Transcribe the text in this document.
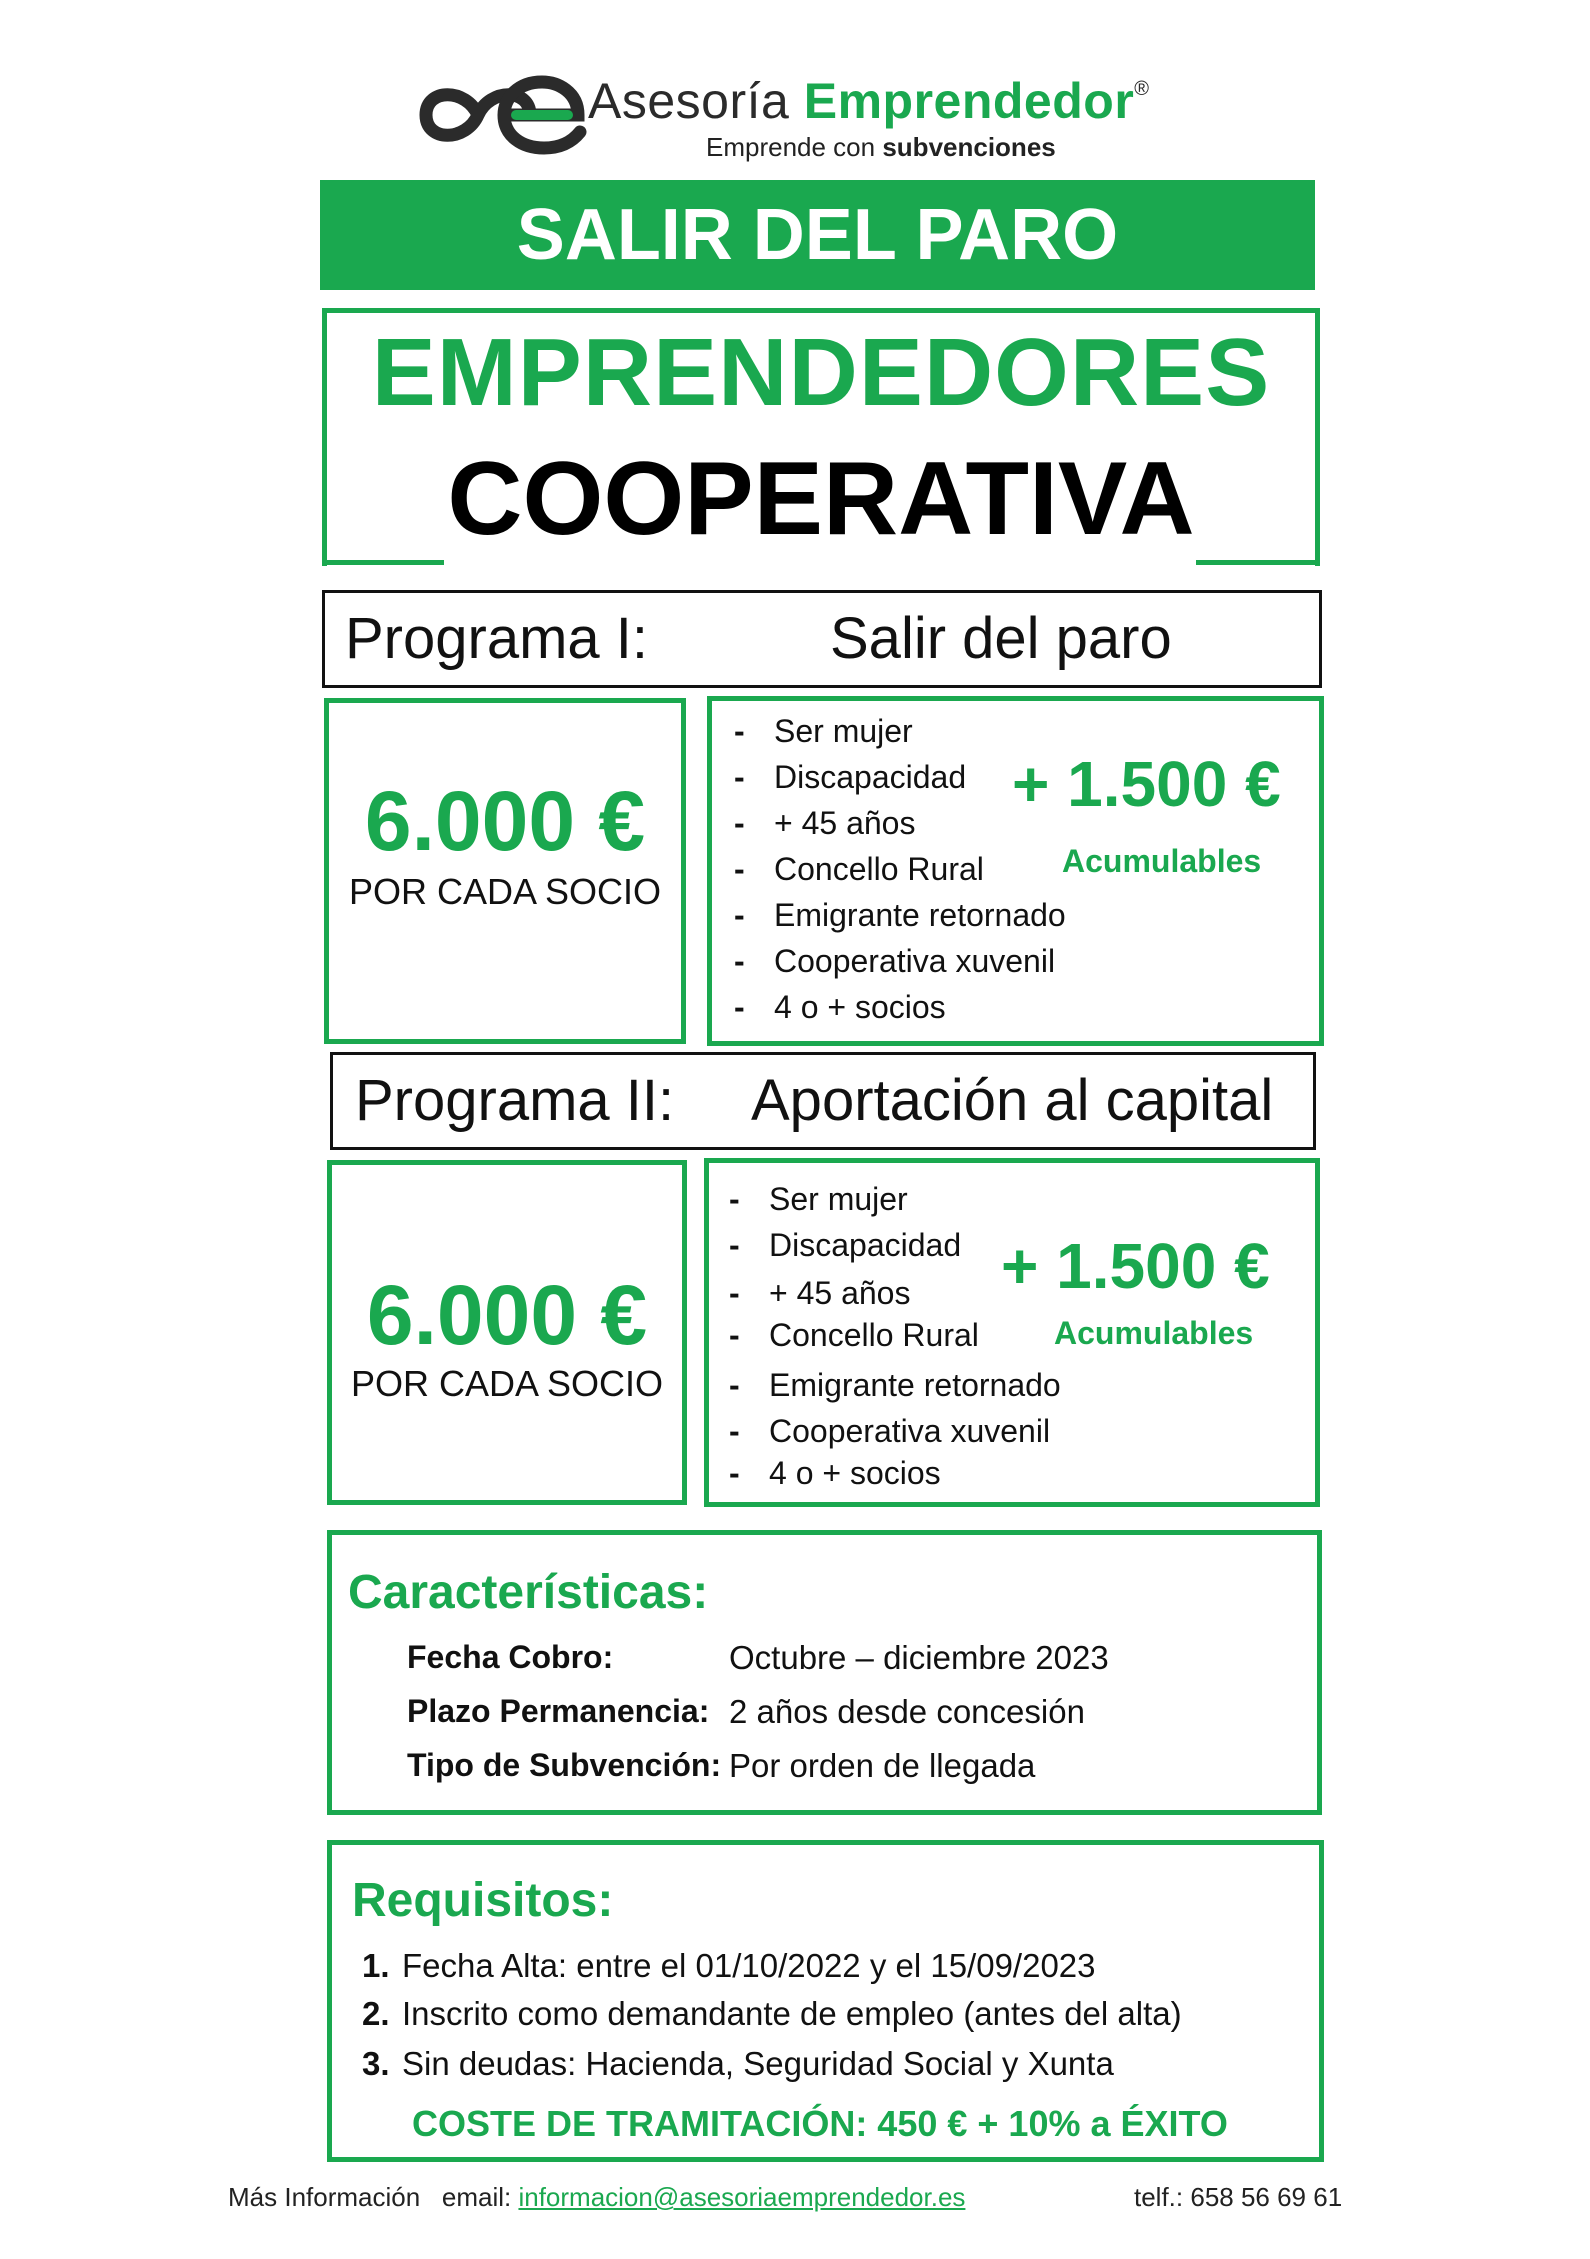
Asesoría Emprendedor®
Emprende con subvenciones
SALIR DEL PARO
EMPRENDEDORES
COOPERATIVA
Programa I:	Salir del paro
6.000 €
POR CADA SOCIO
- Ser mujer
- Discapacidad
- + 45 años
- Concello Rural
- Emigrante retornado
- Cooperativa xuvenil
- 4 o + socios
+ 1.500 €
Acumulables
Programa II: Aportación al capital
6.000 €
POR CADA SOCIO
- Ser mujer
- Discapacidad
- + 45 años
- Concello Rural
- Emigrante retornado
- Cooperativa xuvenil
- 4 o + socios
+ 1.500 €
Acumulables
Características:
Fecha Cobro:	Octubre – diciembre 2023
Plazo Permanencia: 2 años desde concesión
Tipo de Subvención: Por orden de llegada
Requisitos:
1. Fecha Alta: entre el 01/10/2022 y el 15/09/2023
2. Inscrito como demandante de empleo (antes del alta)
3. Sin deudas: Hacienda, Seguridad Social y Xunta
COSTE DE TRAMITACIÓN: 450 € + 10% a ÉXITO
Más Información email: informacion@asesoriaemprendedor.es	telf.: 658 56 69 61
